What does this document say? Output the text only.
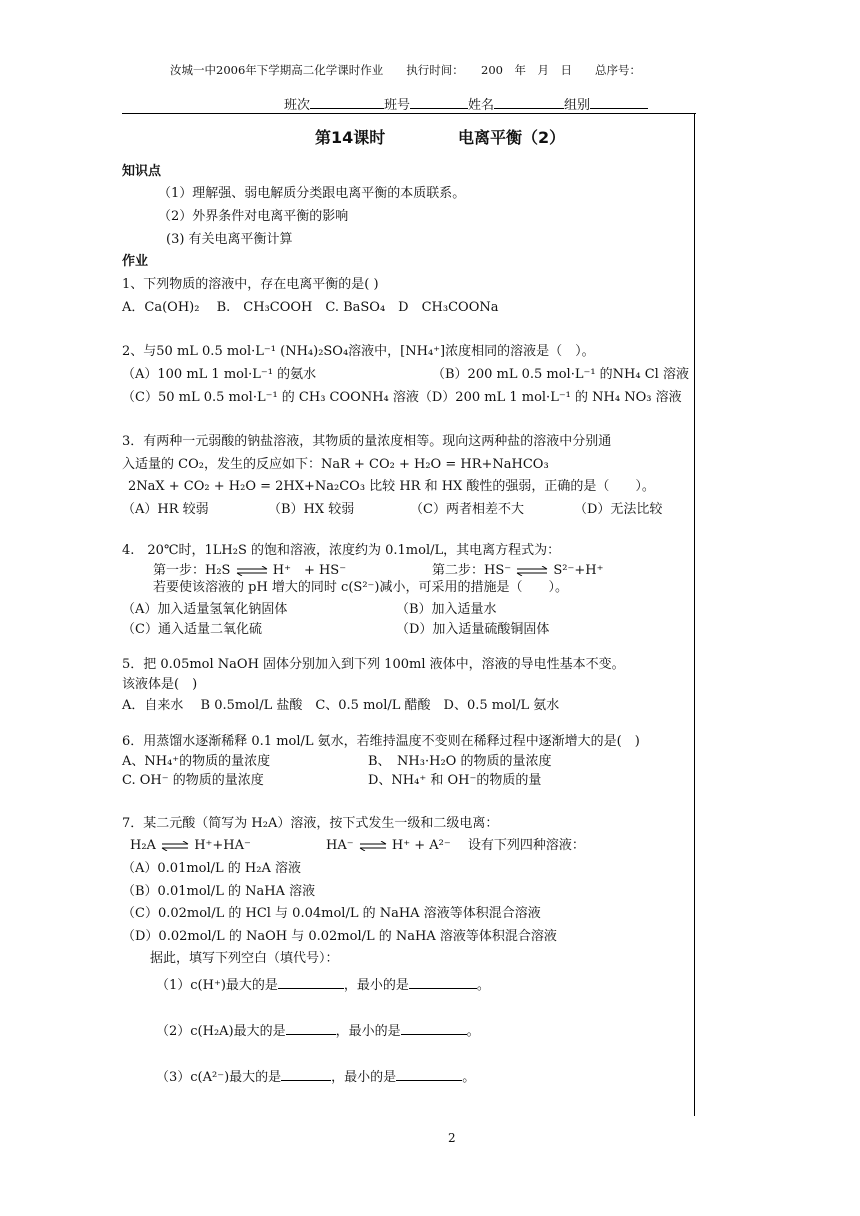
汝城一中2006年下学期高二化学课时作业　　执行时间：　　200　年　月　日　　总序号：
班次	班号	姓名	组别
第14课时	电离平衡（2）
知识点
（1）理解强、弱电解质分类跟电离平衡的本质联系。
（2）外界条件对电离平衡的影响
(3) 有关电离平衡计算
作业
1、下列物质的溶液中，存在电离平衡的是( )
A．Ca(OH)₂　 B.　CH₃COOH　C. BaSO₄　D　CH₃COONa
2、与50 mL 0.5 mol·L⁻¹ (NH₄)₂SO₄溶液中，[NH₄⁺]浓度相同的溶液是（　）。
（A）100 mL 1 mol·L⁻¹ 的氨水	（B）200 mL 0.5 mol·L⁻¹ 的NH₄ Cl 溶液
（C）50 mL 0.5 mol·L⁻¹ 的 CH₃ COONH₄ 溶液（D）200 mL 1 mol·L⁻¹ 的 NH₄ NO₃ 溶液
3．有两种一元弱酸的钠盐溶液，其物质的量浓度相等。现向这两种盐的溶液中分别通
入适量的 CO₂，发生的反应如下：NaR + CO₂ + H₂O = HR+NaHCO₃
2NaX + CO₂ + H₂O = 2HX+Na₂CO₃ 比较 HR 和 HX 酸性的强弱，正确的是（　　）。
（A）HR 较弱	（B）HX 较弱	（C）两者相差不大	（D）无法比较
4.　20℃时，1LH₂S 的饱和溶液，浓度约为 0.1mol/L，其电离方程式为：
第一步：H₂S ⇌ H⁺　+ HS⁻	第二步：HS⁻ ⇌ S²⁻+H⁺
若要使该溶液的 pH 增大的同时 c(S²⁻)减小，可采用的措施是（　　）。
（A）加入适量氢氧化钠固体	（B）加入适量水
（C）通入适量二氧化硫	（D）加入适量硫酸铜固体
5．把 0.05mol NaOH 固体分别加入到下列 100ml 液体中，溶液的导电性基本不变。
该液体是(　)
A．自来水　 B 0.5mol/L 盐酸　C、0.5 mol/L 醋酸　D、0.5 mol/L 氨水
6．用蒸馏水逐渐稀释 0.1 mol/L 氨水，若维持温度不变则在稀释过程中逐渐增大的是(　)
A、NH₄⁺的物质的量浓度	B、　NH₃·H₂O 的物质的量浓度
C. OH⁻ 的物质的量浓度	D、NH₄⁺ 和 OH⁻的物质的量
7．某二元酸（简写为 H₂A）溶液，按下式发生一级和二级电离：
H₂A ⇌ H⁺+HA⁻	HA⁻ ⇌ H⁺ + A²⁻　 设有下列四种溶液：
（A）0.01mol/L 的 H₂A 溶液
（B）0.01mol/L 的 NaHA 溶液
（C）0.02mol/L 的 HCl 与 0.04mol/L 的 NaHA 溶液等体积混合溶液
（D）0.02mol/L 的 NaOH 与 0.02mol/L 的 NaHA 溶液等体积混合溶液
据此，填写下列空白（填代号）：
（1）c(H⁺)最大的是	，最小的是	。
（2）c(H₂A)最大的是	，最小的是	。
（3）c(A²⁻)最大的是	，最小的是	。
2
